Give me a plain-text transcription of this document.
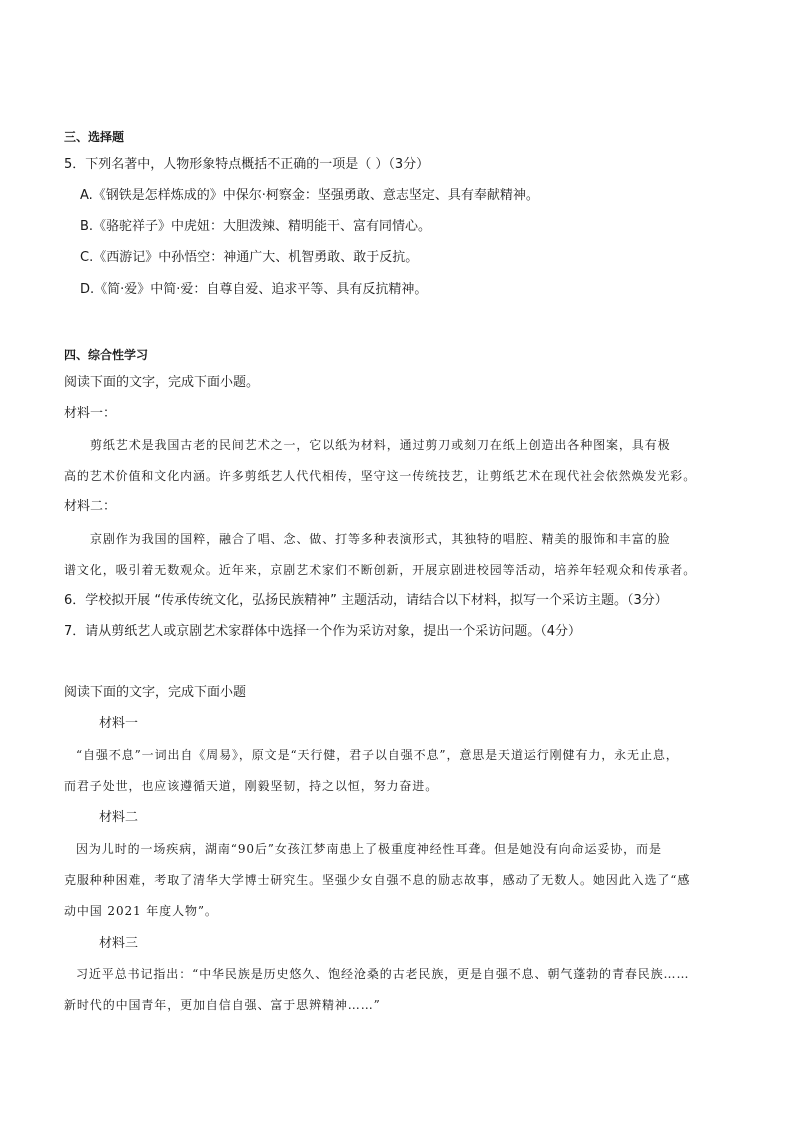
三、选择题
5．下列名著中，人物形象特点概括不正确的一项是（ ）（3分）
A.《钢铁是怎样炼成的》中保尔·柯察金：坚强勇敢、意志坚定、具有奉献精神。
B.《骆驼祥子》中虎妞：大胆泼辣、精明能干、富有同情心。
C.《西游记》中孙悟空：神通广大、机智勇敢、敢于反抗。
D.《简·爱》中简·爱：自尊自爱、追求平等、具有反抗精神。
四、综合性学习
阅读下面的文字，完成下面小题。
材料一：
剪纸艺术是我国古老的民间艺术之一，它以纸为材料，通过剪刀或刻刀在纸上创造出各种图案，具有极
高的艺术价值和文化内涵。许多剪纸艺人代代相传，坚守这一传统技艺，让剪纸艺术在现代社会依然焕发光彩。
材料二：
京剧作为我国的国粹，融合了唱、念、做、打等多种表演形式，其独特的唱腔、精美的服饰和丰富的脸
谱文化，吸引着无数观众。近年来，京剧艺术家们不断创新，开展京剧进校园等活动，培养年轻观众和传承者。
6．学校拟开展 “传承传统文化，弘扬民族精神” 主题活动，请结合以下材料，拟写一个采访主题。（3分）
7．请从剪纸艺人或京剧艺术家群体中选择一个作为采访对象，提出一个采访问题。（4分）
阅读下面的文字，完成下面小题
材料一
“自强不息”一词出自《周易》，原文是“天行健，君子以自强不息”，意思是天道运行刚健有力，永无止息，
而君子处世，也应该遵循天道，刚毅坚韧，持之以恒，努力奋进。
材料二
因为儿时的一场疾病，湖南“90后”女孩江梦南患上了极重度神经性耳聋。但是她没有向命运妥协，而是
克服种种困难，考取了清华大学博士研究生。坚强少女自强不息的励志故事，感动了无数人。她因此入选了“感
动中国 2021 年度人物”。
材料三
习近平总书记指出：“中华民族是历史悠久、饱经沧桑的古老民族，更是自强不息、朝气蓬勃的青春民族……
新时代的中国青年，更加自信自强、富于思辨精神……”
